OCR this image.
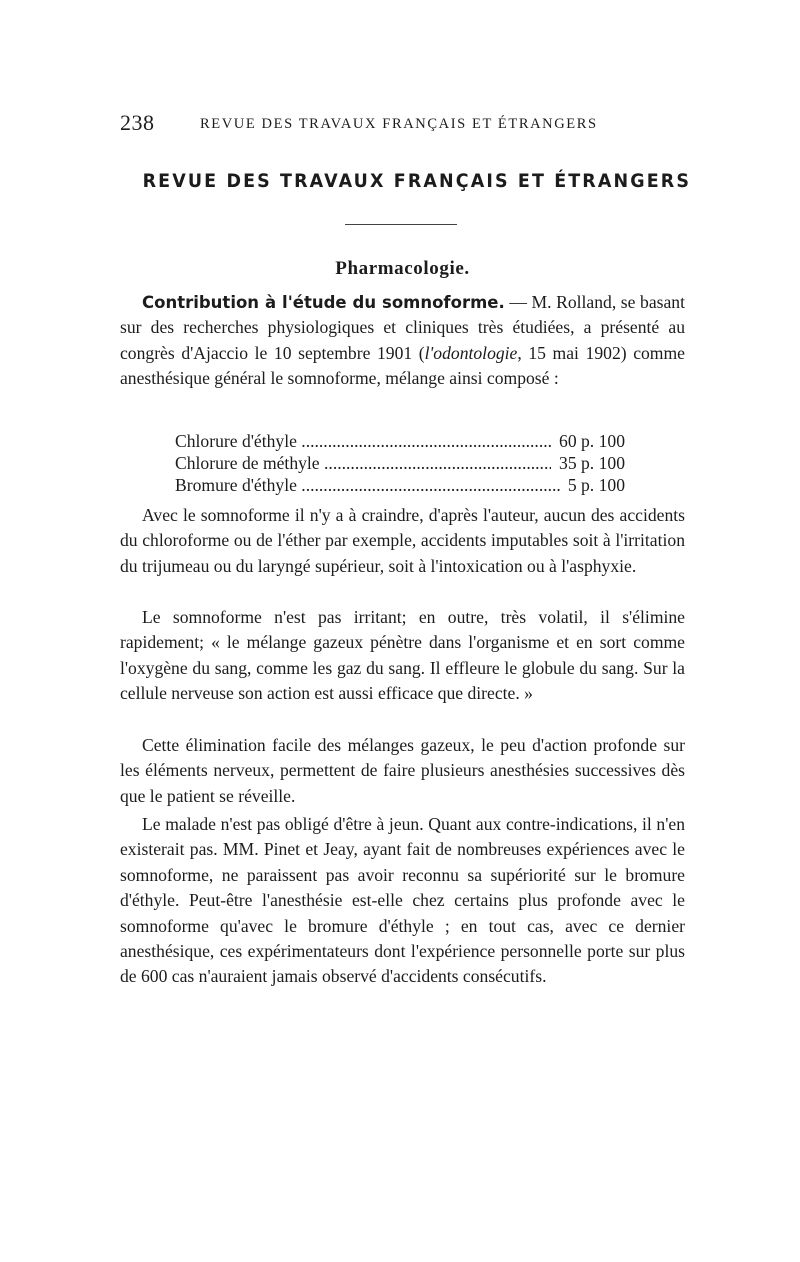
238	REVUE DES TRAVAUX FRANÇAIS ET ÉTRANGERS
REVUE DES TRAVAUX FRANÇAIS ET ÉTRANGERS
Pharmacologie.
Contribution à l'étude du somnoforme. — M. Rolland, se basant sur des recherches physiologiques et cliniques très étudiées, a présenté au congrès d'Ajaccio le 10 septembre 1901 (l'odontologie, 15 mai 1902) comme anesthésique général le somnoforme, mélange ainsi composé :
Chlorure d'éthyle .....	60 p. 100
Chlorure de méthyle .....	35 p. 100
Bromure d'éthyle .....	5 p. 100
Avec le somnoforme il n'y a à craindre, d'après l'auteur, aucun des accidents du chloroforme ou de l'éther par exemple, accidents imputables soit à l'irritation du trijumeau ou du laryngé supérieur, soit à l'intoxication ou à l'asphyxie.
Le somnoforme n'est pas irritant; en outre, très volatil, il s'élimine rapidement; « le mélange gazeux pénètre dans l'organisme et en sort comme l'oxygène du sang, comme les gaz du sang. Il effleure le globule du sang. Sur la cellule nerveuse son action est aussi efficace que directe. »
Cette élimination facile des mélanges gazeux, le peu d'action profonde sur les éléments nerveux, permettent de faire plusieurs anesthésies successives dès que le patient se réveille.
Le malade n'est pas obligé d'être à jeun. Quant aux contre-indications, il n'en existerait pas. MM. Pinet et Jeay, ayant fait de nombreuses expériences avec le somnoforme, ne paraissent pas avoir reconnu sa supériorité sur le bromure d'éthyle. Peut-être l'anesthésie est-elle chez certains plus profonde avec le somnoforme qu'avec le bromure d'éthyle ; en tout cas, avec ce dernier anesthésique, ces expérimentateurs dont l'expérience personnelle porte sur plus de 600 cas n'auraient jamais observé d'accidents consécutifs.
